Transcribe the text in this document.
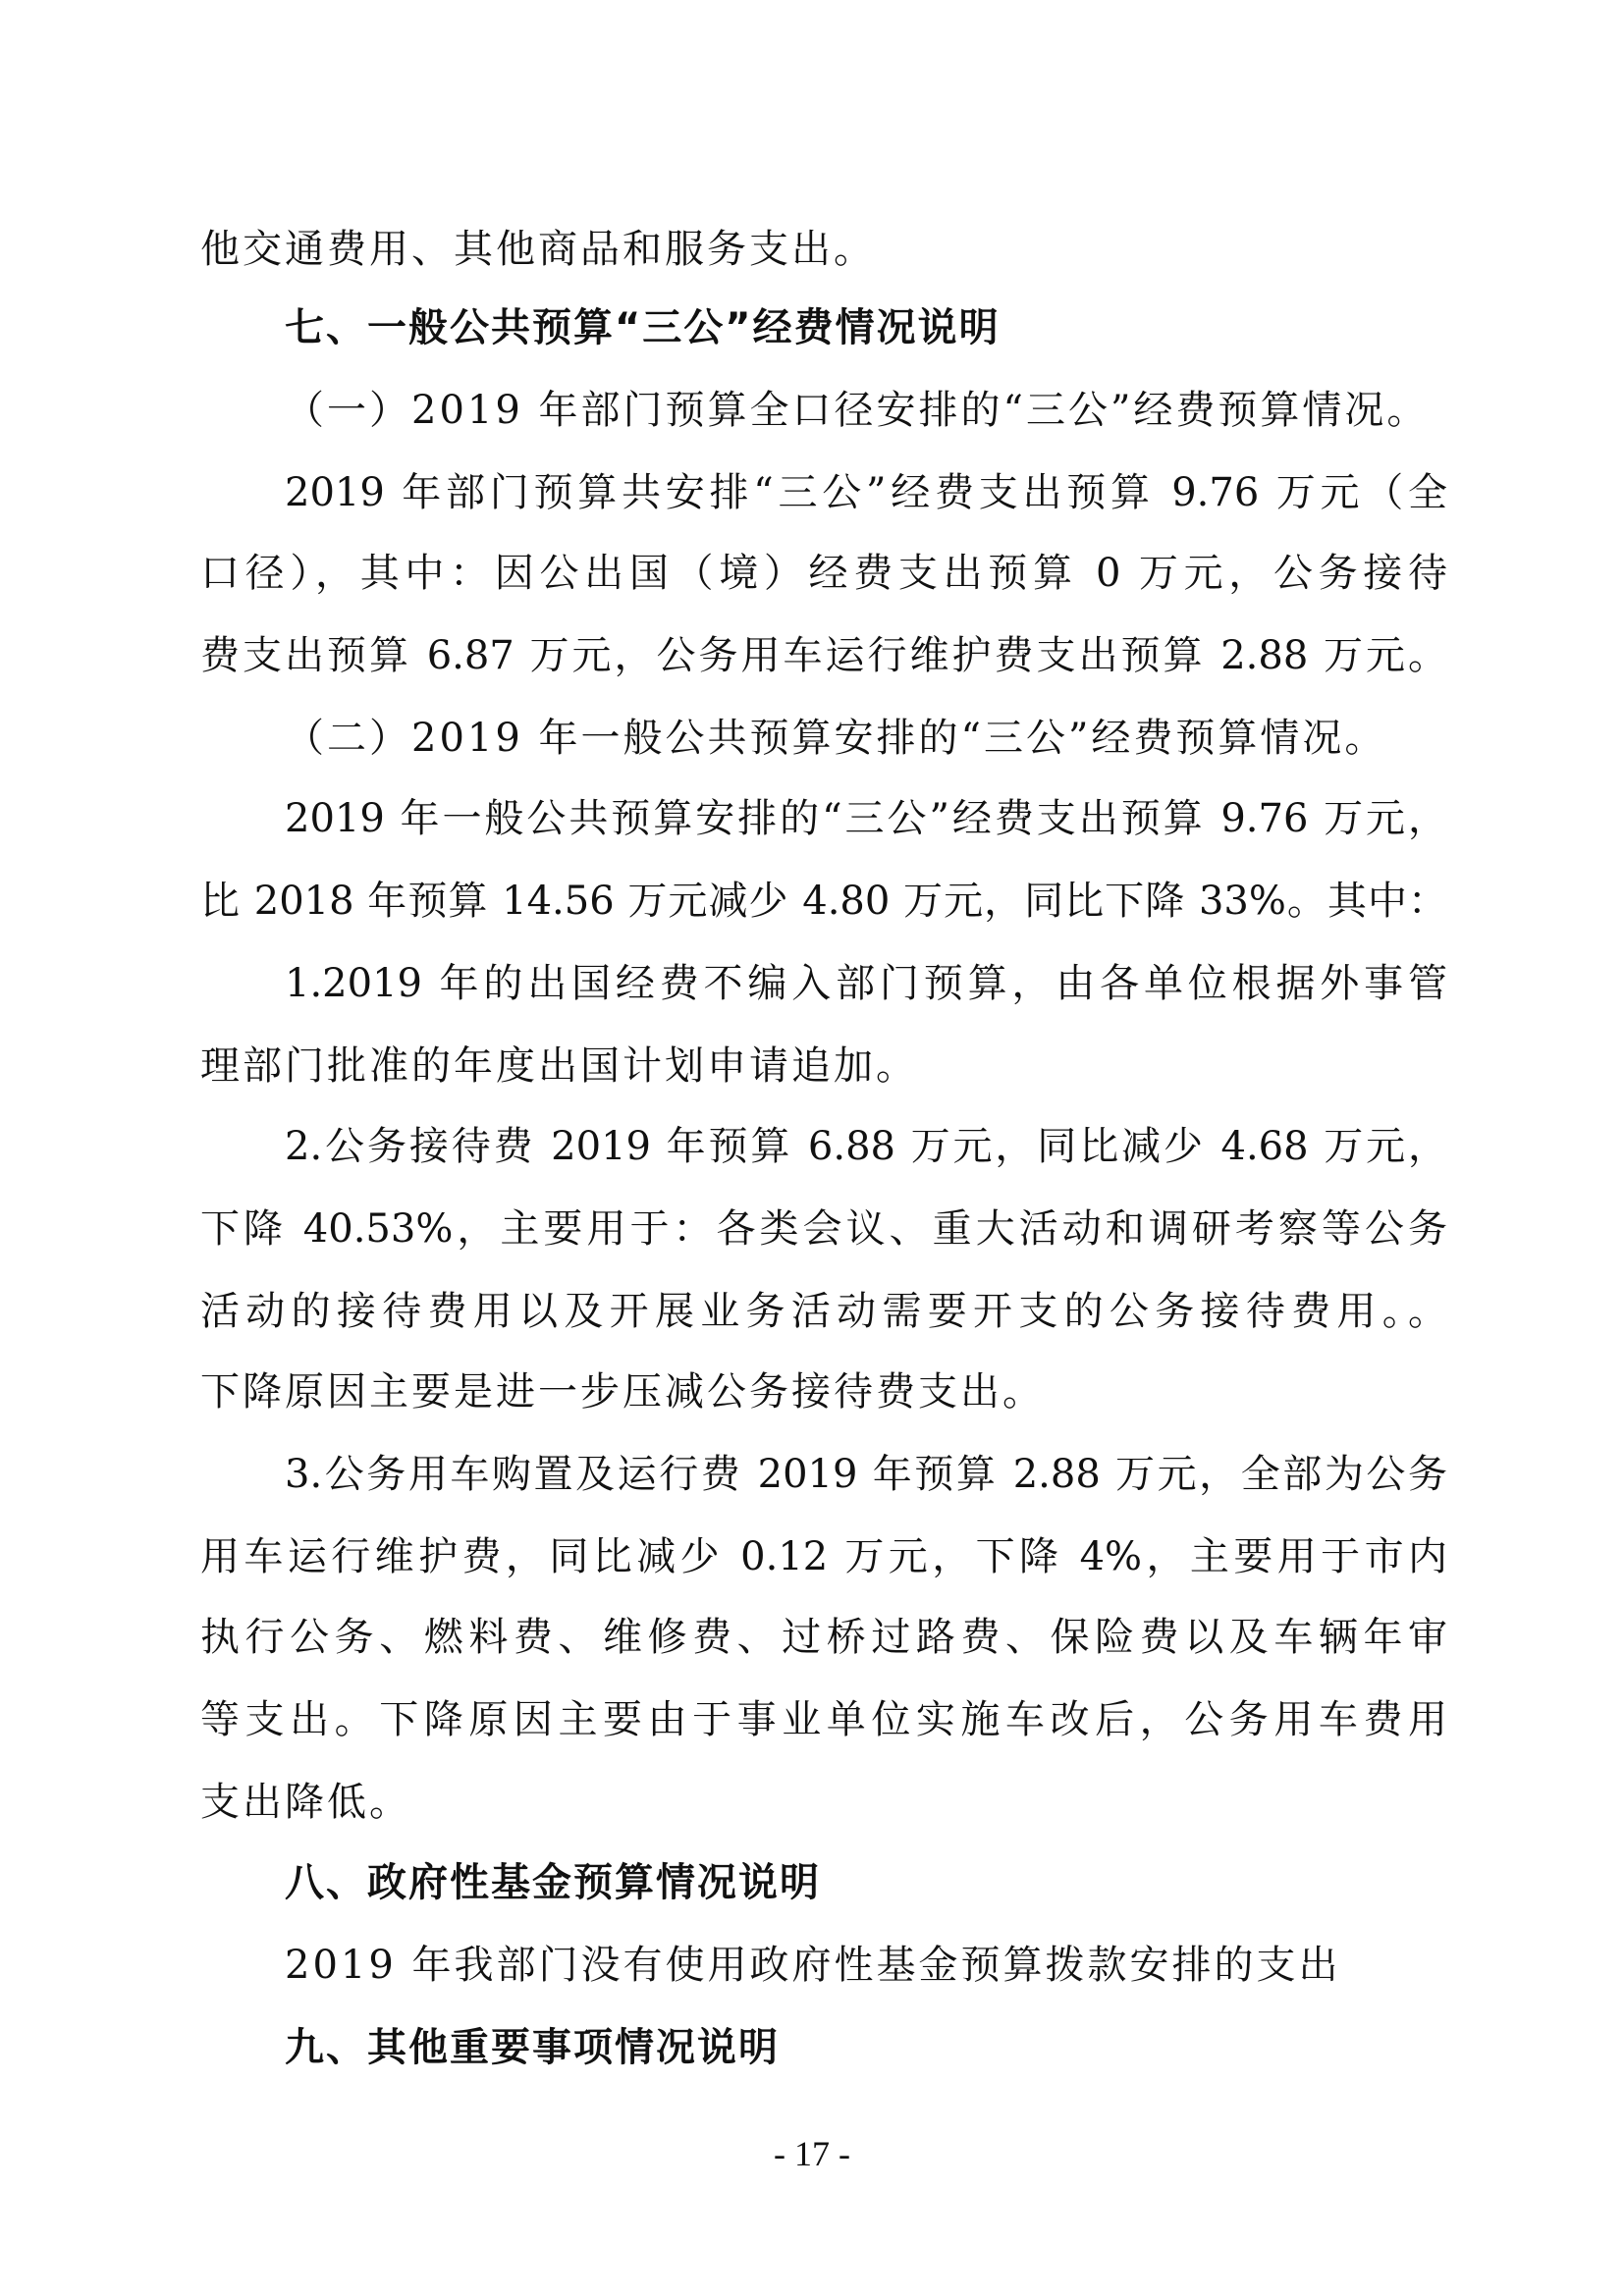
他交通费用、其他商品和服务支出。
七、一般公共预算“三公”经费情况说明
（一）2019 年部门预算全口径安排的“三公”经费预算情况。
2019 年部门预算共安排“三公”经费支出预算 9.76 万元（全
口径），其中：因公出国（境）经费支出预算 0 万元，公务接待
费支出预算 6.87 万元，公务用车运行维护费支出预算 2.88 万元。
（二）2019 年一般公共预算安排的“三公”经费预算情况。
2019 年一般公共预算安排的“三公”经费支出预算 9.76 万元，
比 2018 年预算 14.56 万元减少 4.80 万元，同比下降 33%。其中：
1.2019 年的出国经费不编入部门预算，由各单位根据外事管
理部门批准的年度出国计划申请追加。
2.公务接待费 2019 年预算 6.88 万元，同比减少 4.68 万元，
下降 40.53%，主要用于：各类会议、重大活动和调研考察等公务
活动的接待费用以及开展业务活动需要开支的公务接待费用。。
下降原因主要是进一步压减公务接待费支出。
3.公务用车购置及运行费 2019 年预算 2.88 万元，全部为公务
用车运行维护费，同比减少 0.12 万元，下降 4%，主要用于市内
执行公务、燃料费、维修费、过桥过路费、保险费以及车辆年审
等支出。下降原因主要由于事业单位实施车改后，公务用车费用
支出降低。
八、政府性基金预算情况说明
2019 年我部门没有使用政府性基金预算拨款安排的支出
九、其他重要事项情况说明
- 17 -
